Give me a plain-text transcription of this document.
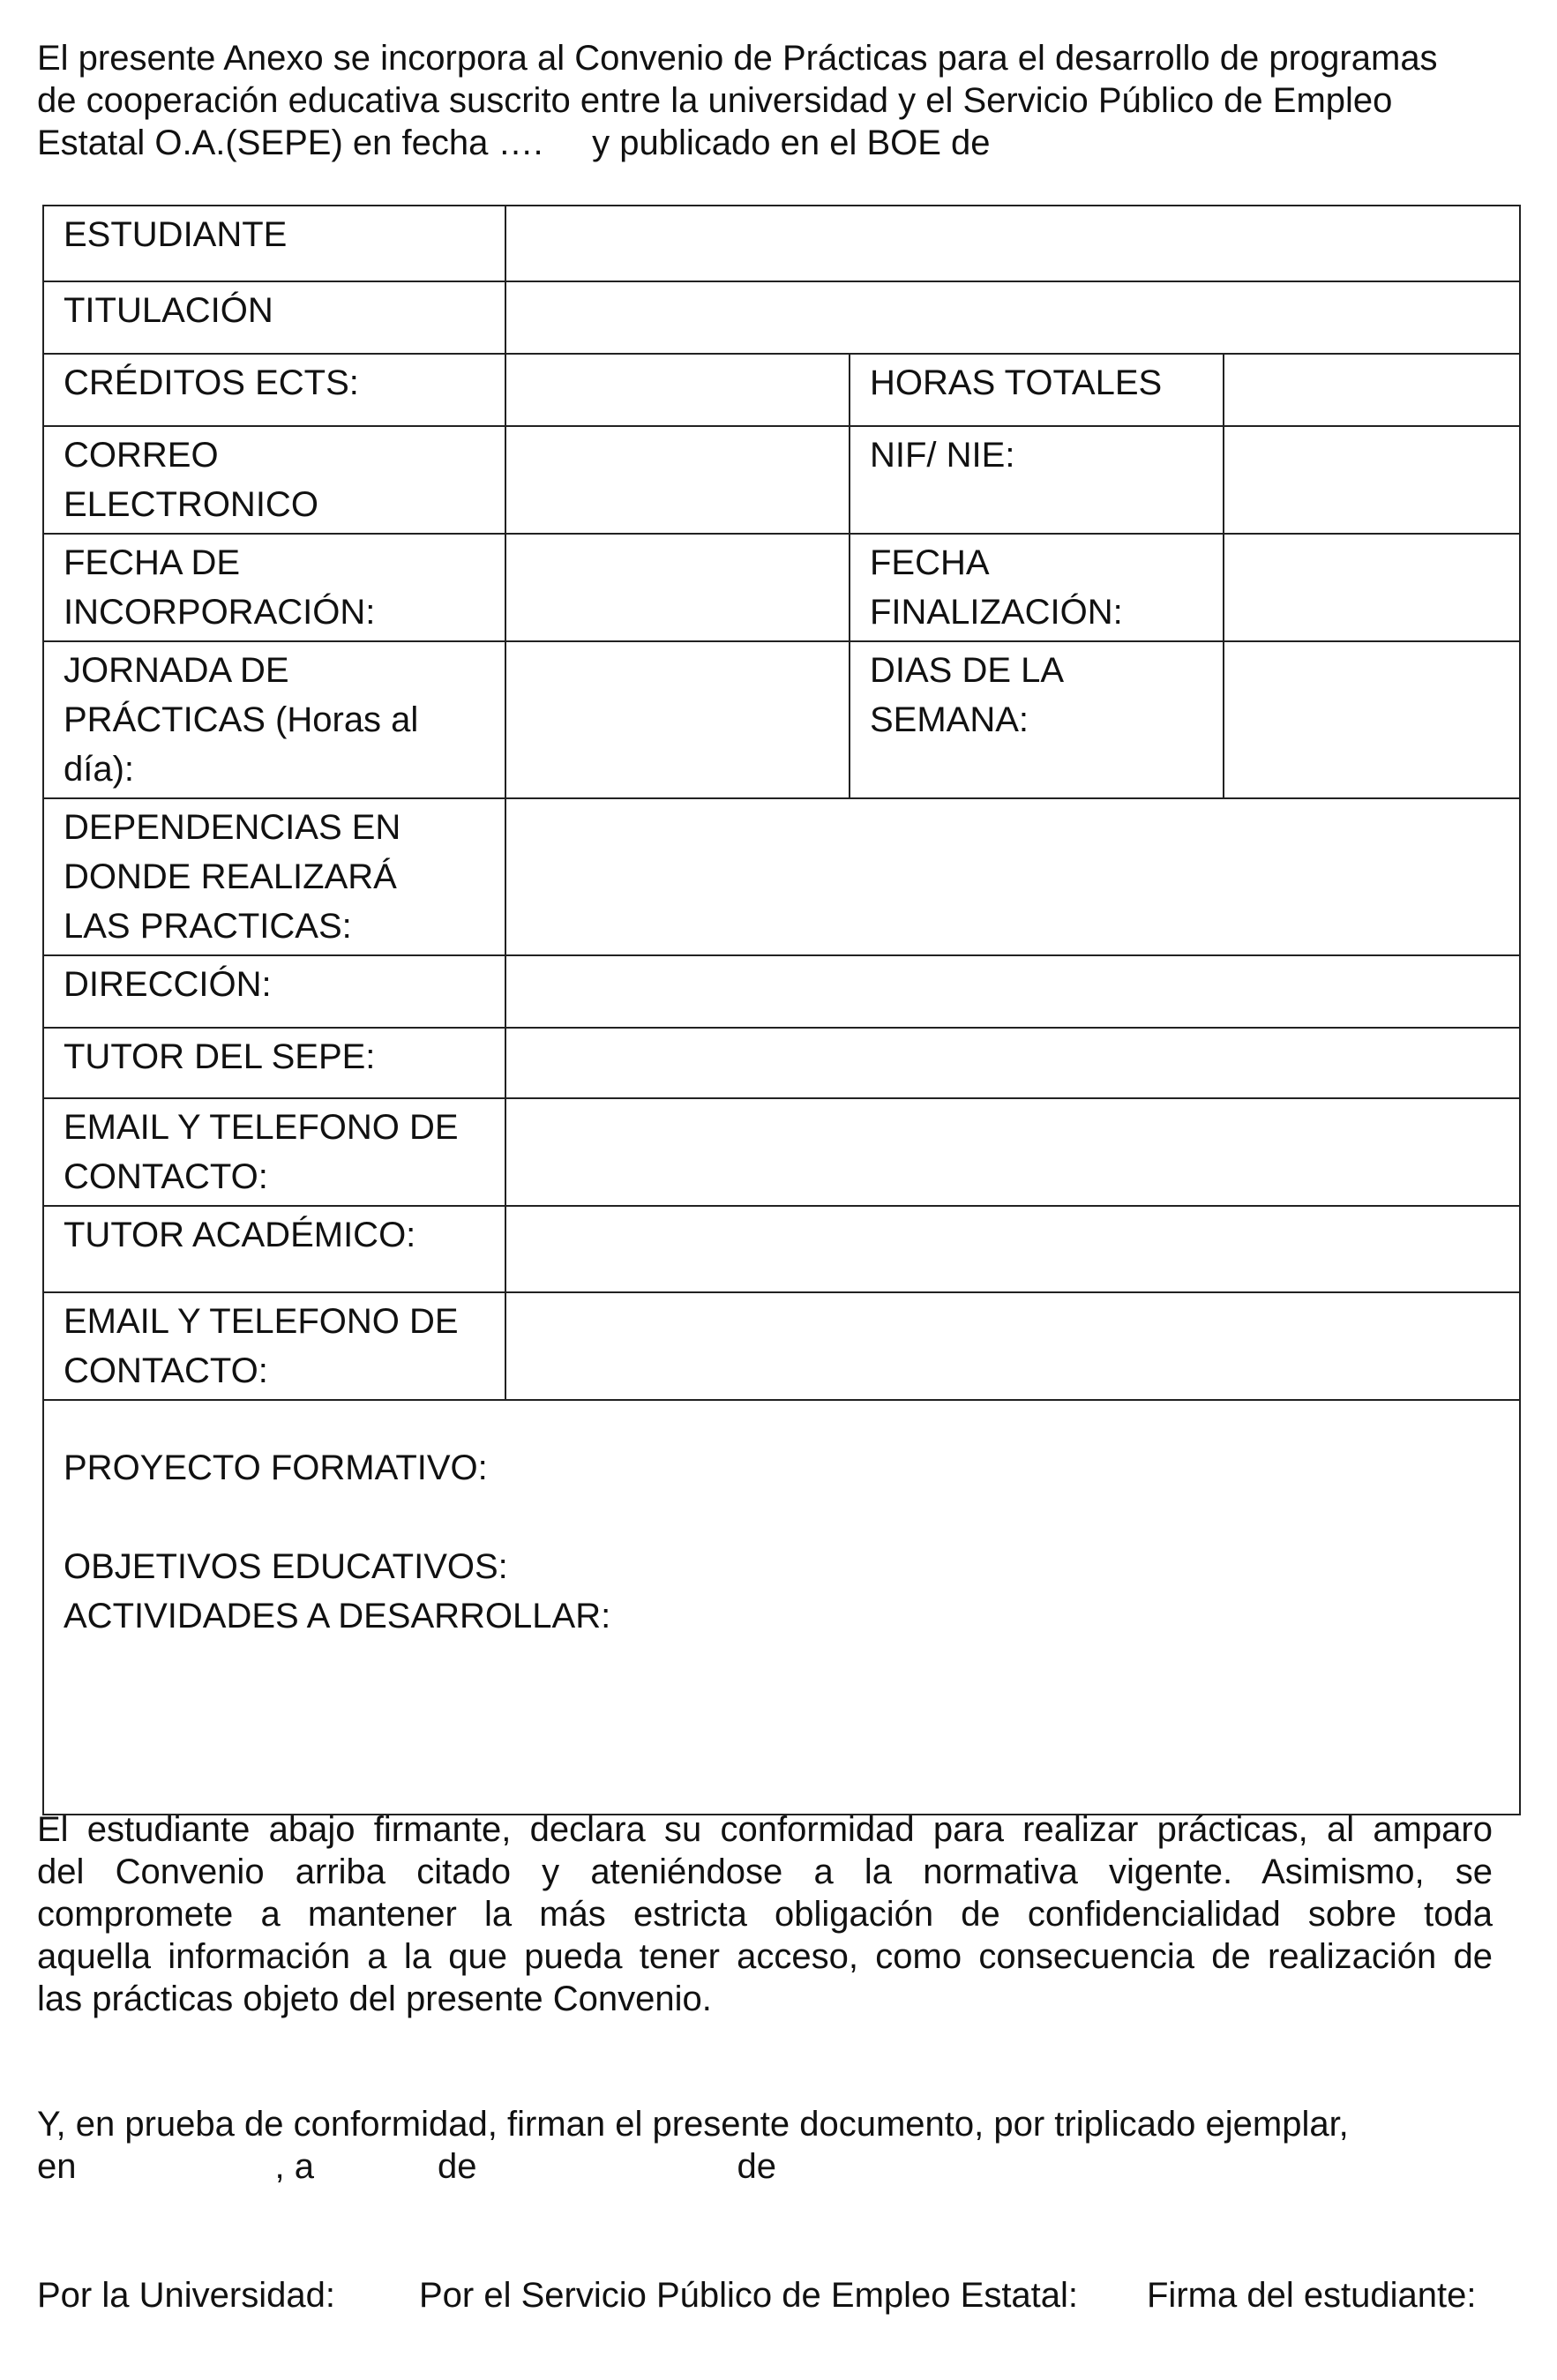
El presente Anexo se incorpora al Convenio de Prácticas para el desarrollo de programas
de cooperación educativa suscrito entre la universidad y el Servicio Público de Empleo
Estatal O.A.(SEPE) en fecha ….     y publicado en el BOE de
ESTUDIANTE			
TITULACIÓN			
CRÉDITOS ECTS:		HORAS TOTALES	

CORREO
ELECTRONICO		NIF/ NIE:	

FECHA DE
INCORPORACIÓN:		FECHA
FINALIZACIÓN:	

JORNADA DE
PRÁCTICAS (Horas al
día):		DIAS DE LA
SEMANA:	

DEPENDENCIAS EN
DONDE REALIZARÁ
LAS PRACTICAS:			

DIRECCIÓN:			
TUTOR DEL SEPE:			

EMAIL Y TELEFONO DE
CONTACTO:			

TUTOR ACADÉMICO:			

EMAIL Y TELEFONO DE
CONTACTO:			

PROYECTO FORMATIVO:

OBJETIVOS EDUCATIVOS:
ACTIVIDADES A DESARROLLAR:			
El estudiante abajo firmante, declara su conformidad para realizar prácticas, al amparo
del Convenio arriba citado y ateniéndose a la normativa vigente. Asimismo, se
compromete a mantener la más estricta obligación de confidencialidad sobre toda
aquella información a la que pueda tener acceso, como consecuencia de realización de
las prácticas objeto del presente Convenio.
Y, en prueba de conformidad, firman el presente documento, por triplicado ejemplar,
en	, a	de	de
Por la Universidad: Por el Servicio Público de Empleo Estatal: Firma del estudiante:
